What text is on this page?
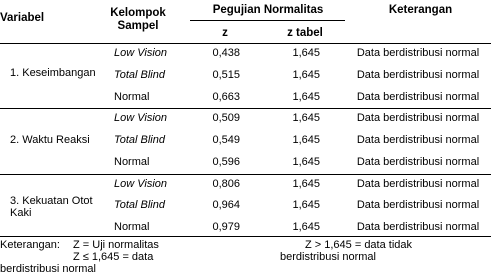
Variabel	Kelompok
Sampel
Pegujian Normalitas	Keterangan
z	z tabel
1. Keseimbangan
Low Vision	0,438	1,645	Data berdistribusi normal
Total Blind	0,515	1,645	Data berdistribusi normal
Normal	0,663	1,645	Data berdistribusi normal
2. Waktu Reaksi
Low Vision	0,509	1,645	Data berdistribusi normal
Total Blind	0,549	1,645	Data berdistribusi normal
Normal	0,596	1,645	Data berdistribusi normal
3. Kekuatan Otot
Kaki
Low Vision	0,806	1,645	Data berdistribusi normal
Total Blind	0,964	1,645	Data berdistribusi normal
Normal	0,979	1,645	Data berdistribusi normal
Keterangan: Z = Uji normalitas	Z > 1,645 = data tidak
berdistribusi normal
Z ≤ 1,645 = data
berdistribusi normal
